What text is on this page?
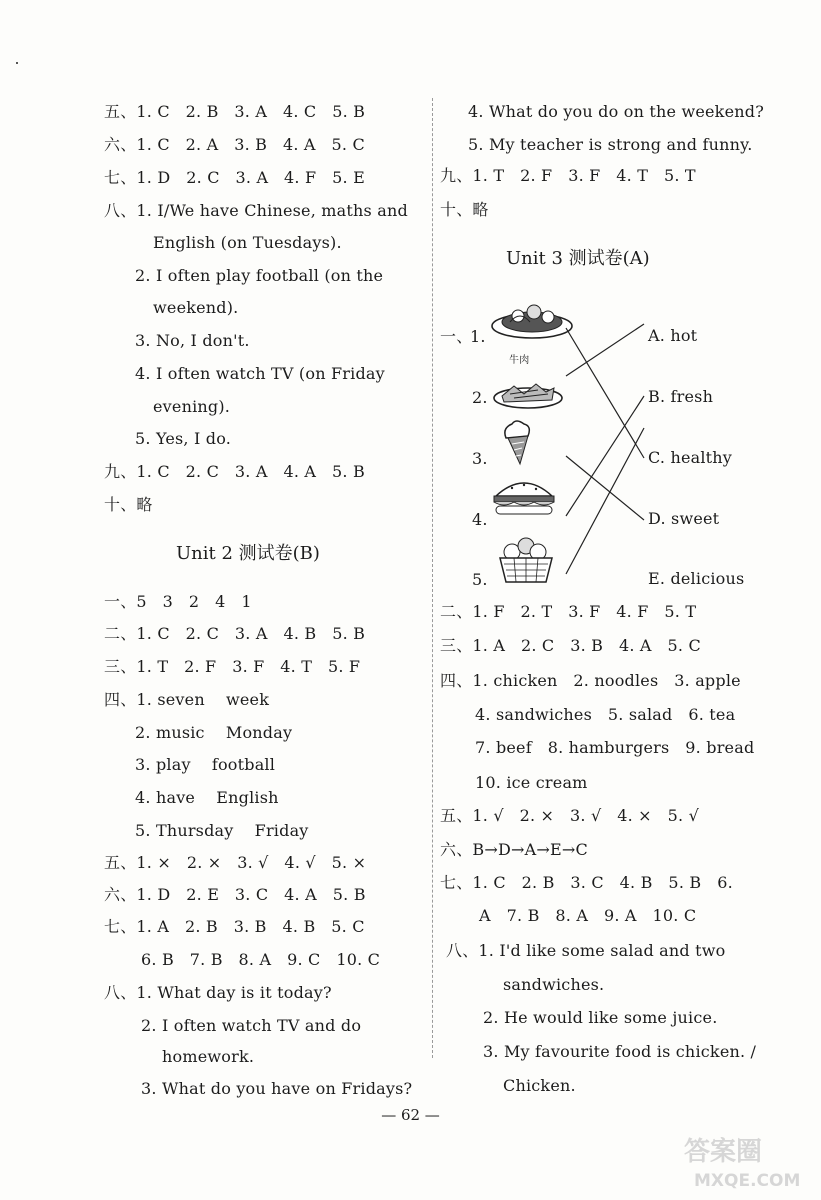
五、1. C   2. B   3. A   4. C   5. B
六、1. C   2. A   3. B   4. A   5. C
七、1. D   2. C   3. A   4. F   5. E
八、1. I/We have Chinese, maths and
English (on Tuesdays).
2. I often play football (on the
weekend).
3. No, I don't.
4. I often watch TV (on Friday
evening).
5. Yes, I do.
九、1. C   2. C   3. A   4. A   5. B
十、略
Unit 2 测试卷(B)
一、5   3   2   4   1
二、1. C   2. C   3. A   4. B   5. B
三、1. T   2. F   3. F   4. T   5. F
四、1. seven    week
2. music    Monday
3. play    football
4. have    English
5. Thursday    Friday
五、1. ×   2. ×   3. √   4. √   5. ×
六、1. D   2. E   3. C   4. A   5. B
七、1. A   2. B   3. B   4. B   5. C
6. B   7. B   8. A   9. C   10. C
八、1. What day is it today?
2. I often watch TV and do
homework.
3. What do you have on Fridays?
4. What do you do on the weekend?
5. My teacher is strong and funny.
九、1. T   2. F   3. F   4. T   5. T
十、略
Unit 3 测试卷(A)
一、
1.
2.
3.
4.
5.
牛肉
A. hot
B. fresh
C. healthy
D. sweet
E. delicious
二、1. F   2. T   3. F   4. F   5. T
三、1. A   2. C   3. B   4. A   5. C
四、1. chicken   2. noodles   3. apple
4. sandwiches   5. salad   6. tea
7. beef   8. hamburgers   9. bread
10. ice cream
五、1. √   2. ×   3. √   4. ×   5. √
六、B→D→A→E→C
七、1. C   2. B   3. C   4. B   5. B   6.
A   7. B   8. A   9. A   10. C
八、1. I'd like some salad and two
sandwiches.
2. He would like some juice.
3. My favourite food is chicken. /
Chicken.
— 62 —
答案圈
MXQE.COM
